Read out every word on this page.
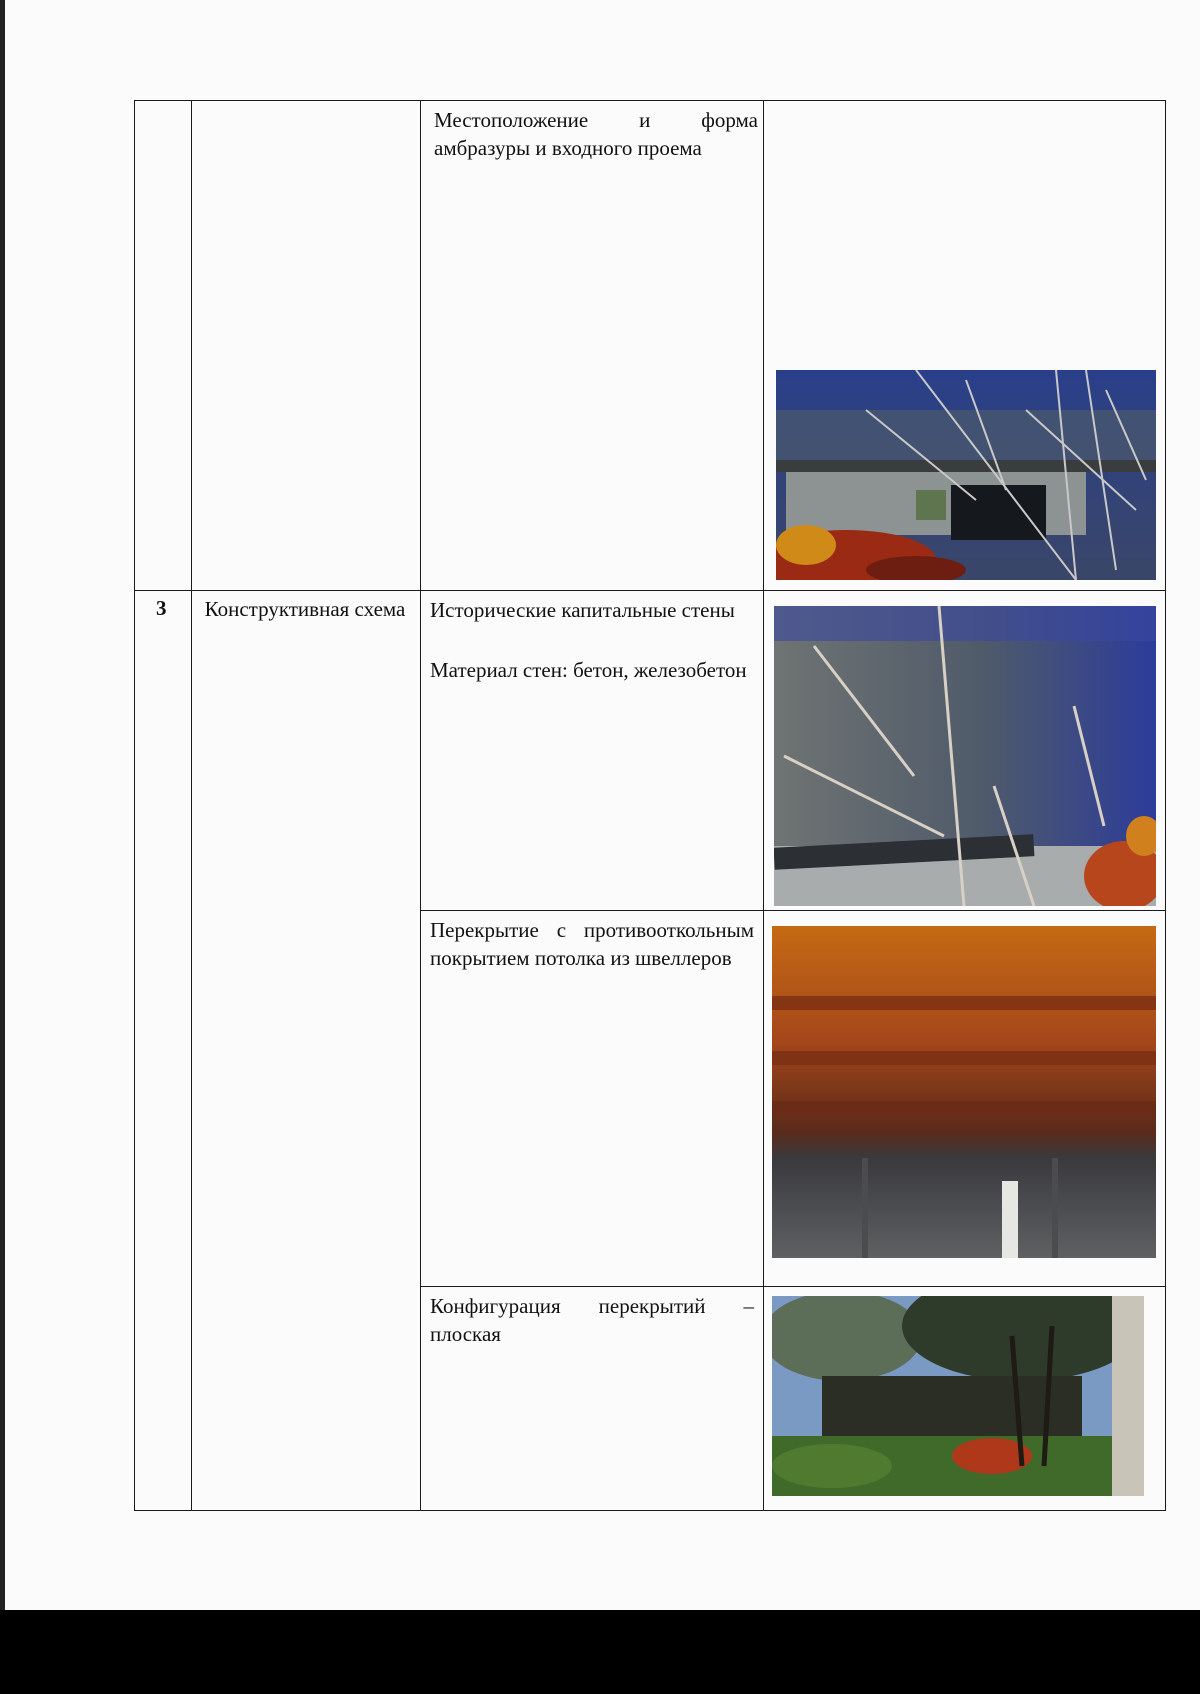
3 Конструктивная схема
Местоположение и форма амбразуры и входного проема
Исторические капитальные стены
Материал стен: бетон, железобетон
Перекрытие с противооткольным покрытием потолка из швеллеров
Конфигурация перекрытий – плоская
